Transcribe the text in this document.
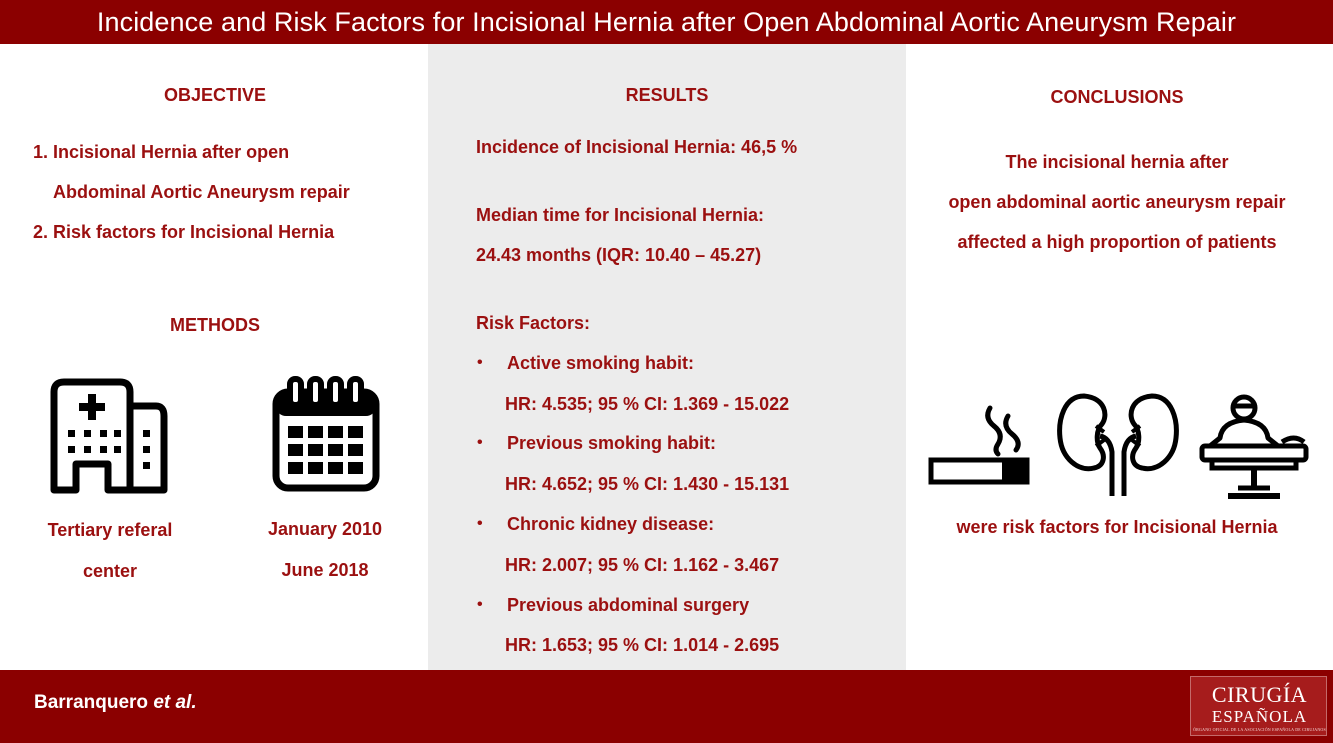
Incidence and Risk Factors for Incisional Hernia after Open Abdominal Aortic Aneurysm Repair
OBJECTIVE
1. Incisional Hernia after open
Abdominal Aortic Aneurysm repair
2. Risk factors for Incisional Hernia
METHODS
Tertiary referal
center
January 2010
June 2018
RESULTS
Incidence of Incisional Hernia: 46,5 %
Median time for Incisional Hernia:
24.43 months (IQR: 10.40 – 45.27)
Risk Factors:
• Active smoking habit:
HR: 4.535; 95 % CI: 1.369 - 15.022
• Previous smoking habit:
HR: 4.652; 95 % CI: 1.430 - 15.131
• Chronic kidney disease:
HR: 2.007; 95 % CI: 1.162 - 3.467
• Previous abdominal surgery
HR: 1.653; 95 % CI: 1.014 - 2.695
CONCLUSIONS
The incisional hernia after
open abdominal aortic aneurysm repair
affected a high proportion of patients
were risk factors for Incisional Hernia
Barranquero et al.	CIRUGÍA
ESPAÑOLA
ÓRGANO OFICIAL DE LA ASOCIACIÓN ESPAÑOLA DE CIRUJANOS
